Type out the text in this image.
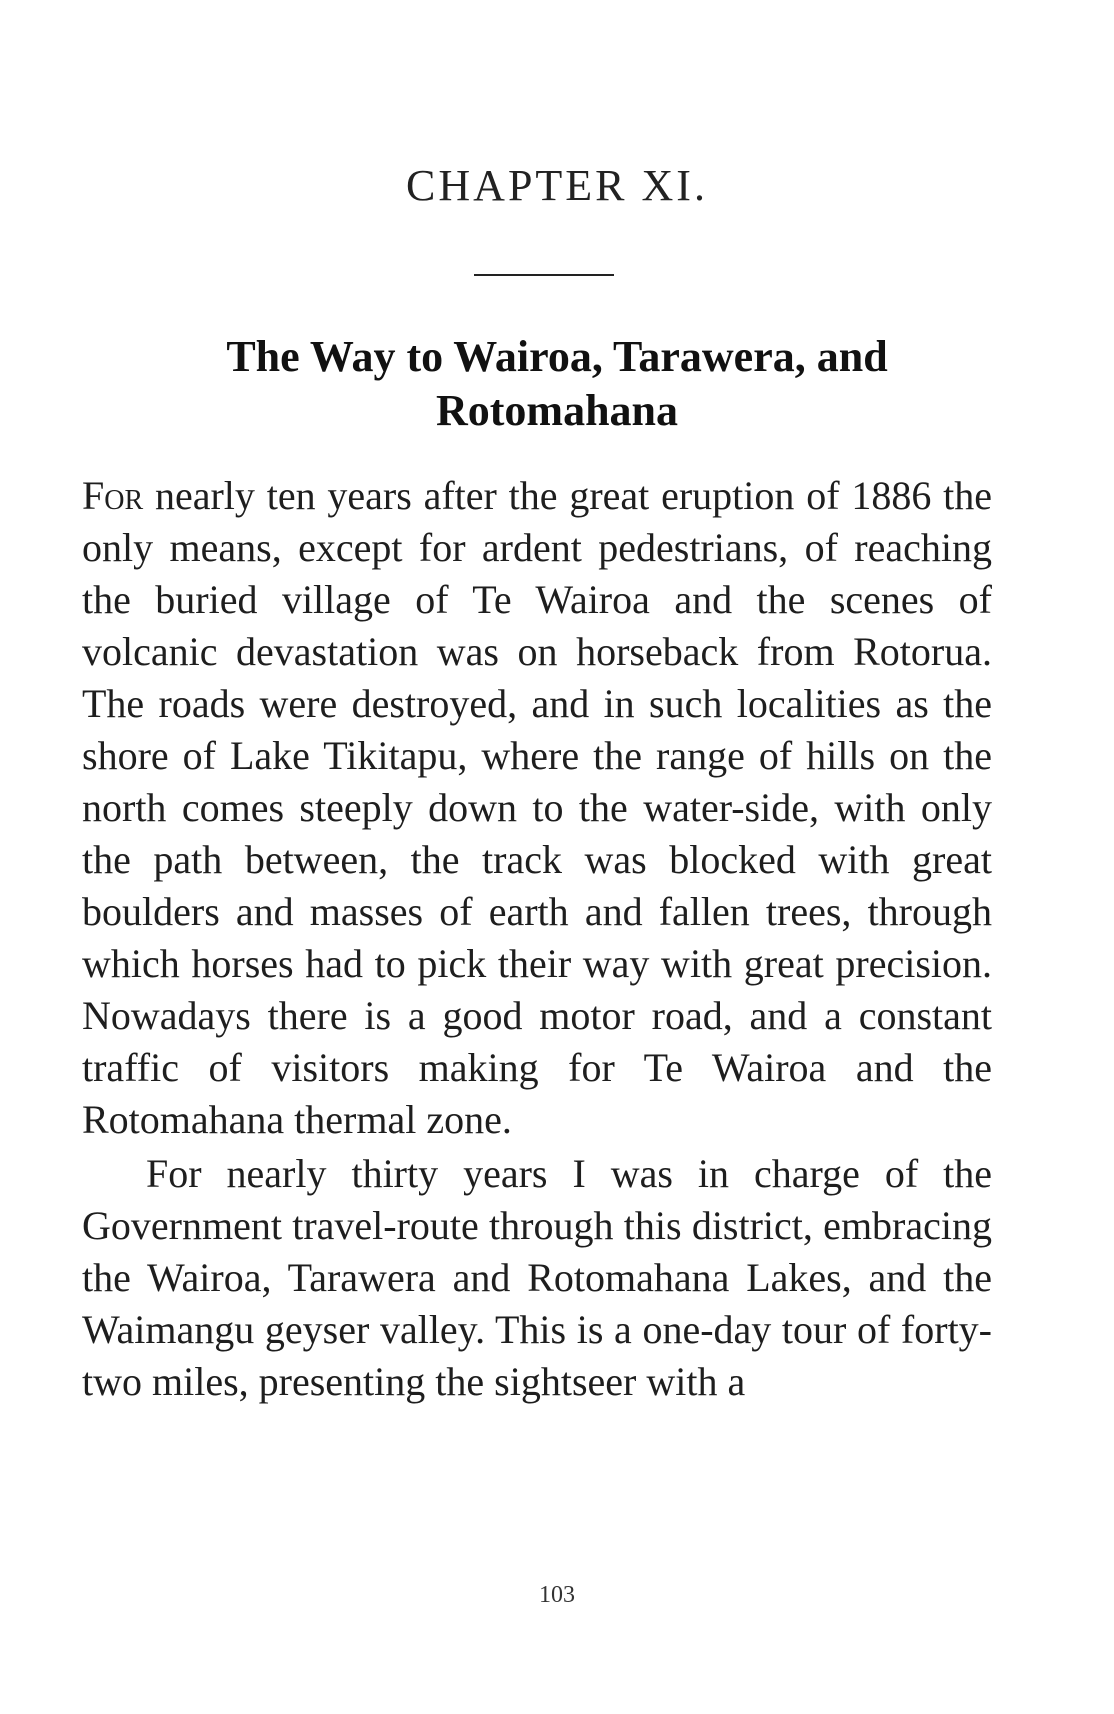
CHAPTER XI.
The Way to Wairoa, Tarawera, and
Rotomahana

For nearly ten years after the great eruption of 1886 the only means, except for ardent pedestrians, of reaching the buried village of Te Wairoa and the scenes of volcanic devastation was on horseback from Rotorua. The roads were destroyed, and in such localities as the shore of Lake Tikitapu, where the range of hills on the north comes steeply down to the water-side, with only the path between, the track was blocked with great boulders and masses of earth and fallen trees, through which horses had to pick their way with great precision. Nowadays there is a good motor road, and a constant traffic of visitors making for Te Wairoa and the Rotomahana thermal zone.

For nearly thirty years I was in charge of the Government travel-route through this district, embracing the Wairoa, Tarawera and Rotomahana Lakes, and the Waimangu geyser valley. This is a one-day tour of forty-two miles, presenting the sightseer with a

103
